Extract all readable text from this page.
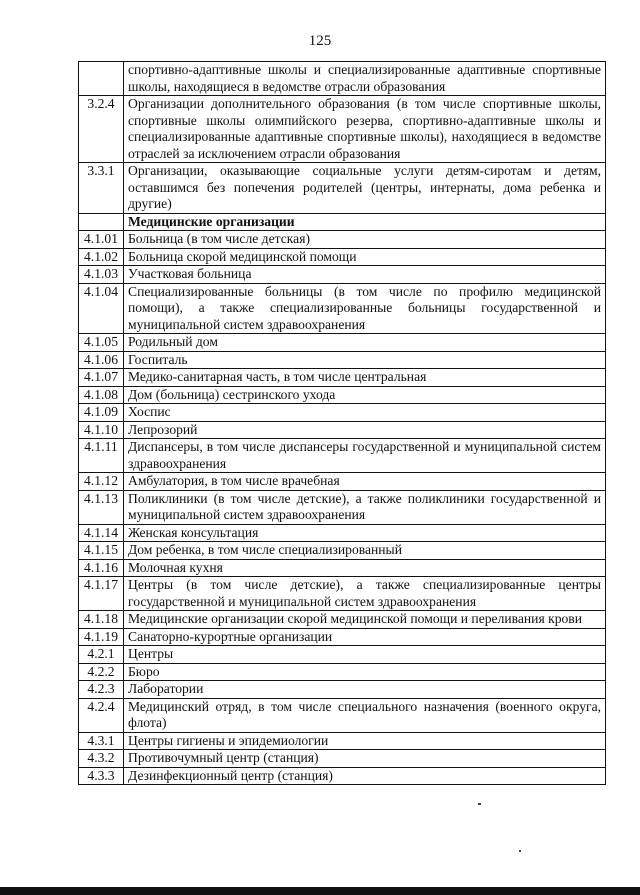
125
	спортивно-адаптивные школы и специализированные адаптивные спортивные школы, находящиеся в ведомстве отрасли образования
3.2.4	Организации дополнительного образования (в том числе спортивные школы, спортивные школы олимпийского резерва, спортивно-адаптивные школы и специализированные адаптивные спортивные школы), находящиеся в ведомстве отраслей за исключением отрасли образования
3.3.1	Организации, оказывающие социальные услуги детям-сиротам и детям, оставшимся без попечения родителей (центры, интернаты, дома ребенка и другие)
	Медицинские организации
4.1.01	Больница (в том числе детская)
4.1.02	Больница скорой медицинской помощи
4.1.03	Участковая больница
4.1.04	Специализированные больницы (в том числе по профилю медицинской помощи), а также специализированные больницы государственной и муниципальной систем здравоохранения
4.1.05	Родильный дом
4.1.06	Госпиталь
4.1.07	Медико-санитарная часть, в том числе центральная
4.1.08	Дом (больница) сестринского ухода
4.1.09	Хоспис
4.1.10	Лепрозорий
4.1.11	Диспансеры, в том числе диспансеры государственной и муниципальной систем здравоохранения
4.1.12	Амбулатория, в том числе врачебная
4.1.13	Поликлиники (в том числе детские), а также поликлиники государственной и муниципальной систем здравоохранения
4.1.14	Женская консультация
4.1.15	Дом ребенка, в том числе специализированный
4.1.16	Молочная кухня
4.1.17	Центры (в том числе детские), а также специализированные центры государственной и муниципальной систем здравоохранения
4.1.18	Медицинские организации скорой медицинской помощи и переливания крови
4.1.19	Санаторно-курортные организации
4.2.1	Центры
4.2.2	Бюро
4.2.3	Лаборатории
4.2.4	Медицинский отряд, в том числе специального назначения (военного округа, флота)
4.3.1	Центры гигиены и эпидемиологии
4.3.2	Противочумный центр (станция)
4.3.3	Дезинфекционный центр (станция)
